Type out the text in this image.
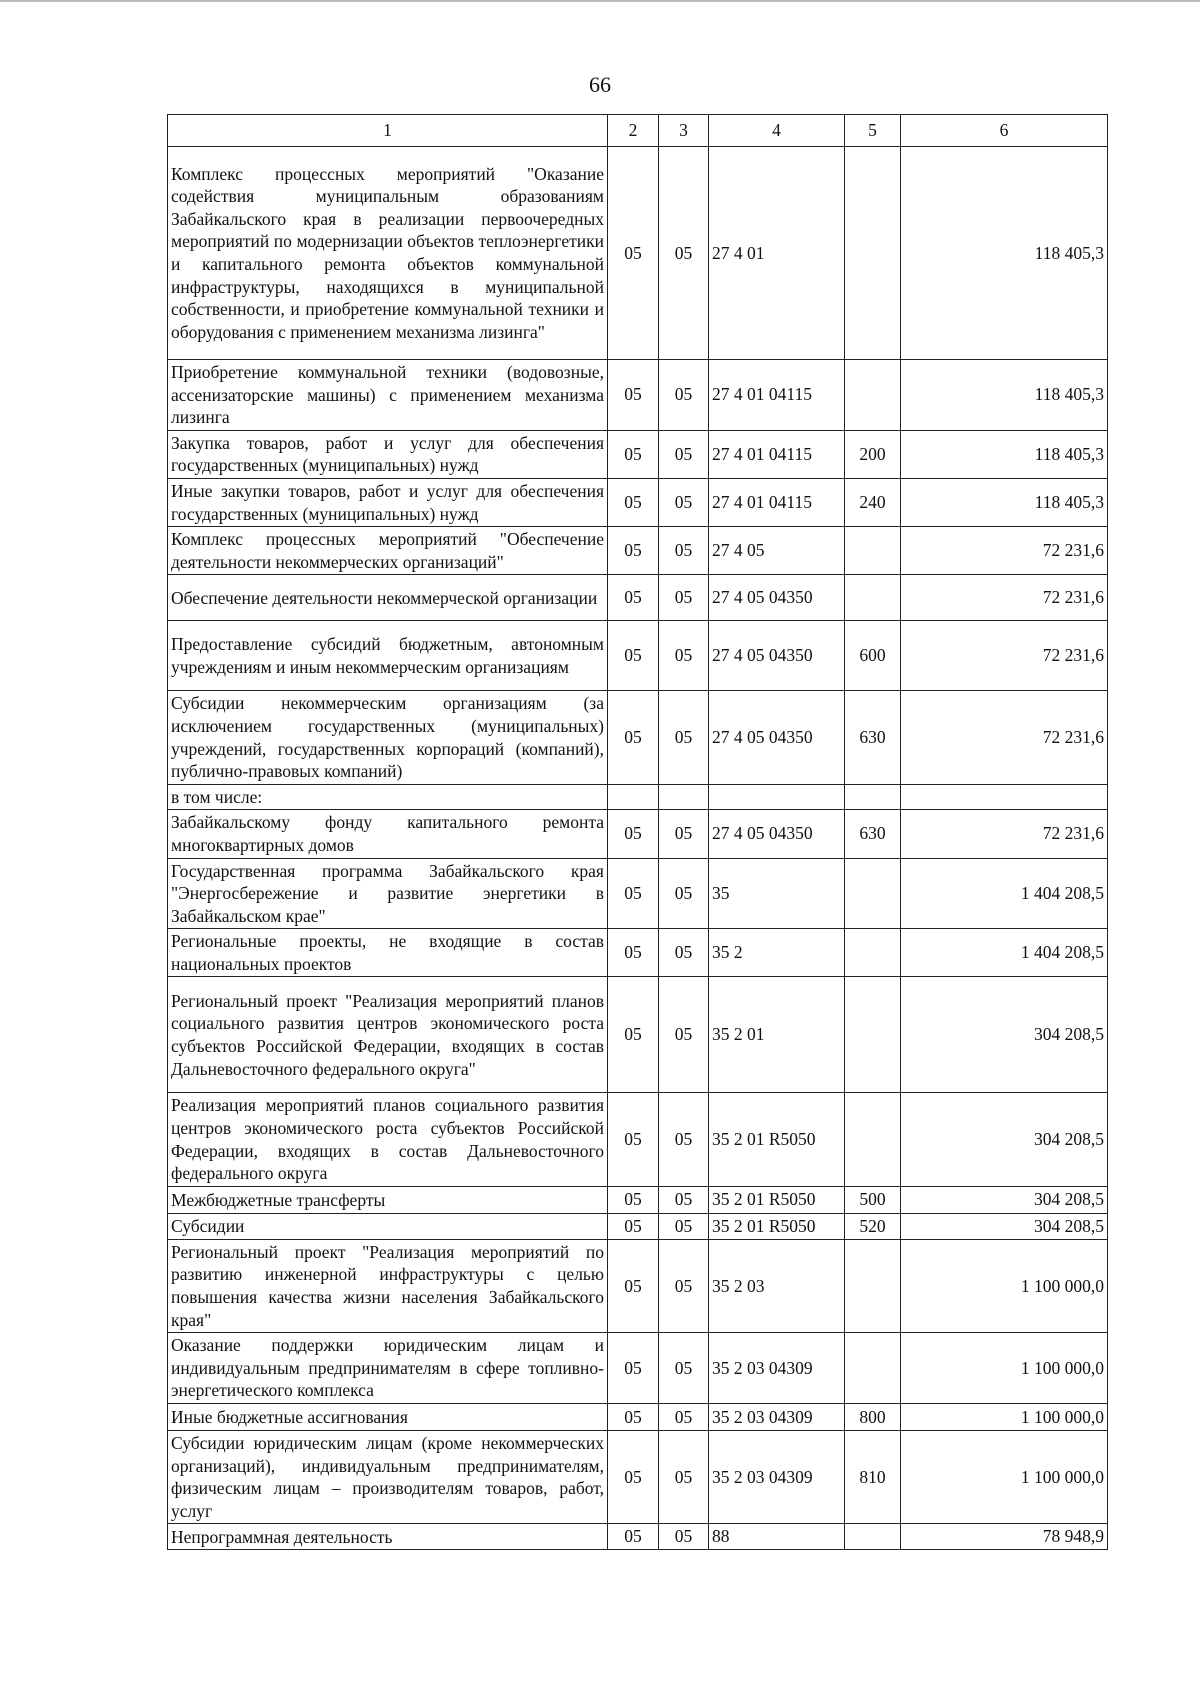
66
1	2	3	4	5	6
Комплекс процессных мероприятий "Оказание содействия муниципальным образованиям Забайкальского края в реализации первоочередных мероприятий по модернизации объектов теплоэнергетики и капитального ремонта объектов коммунальной инфраструктуры, находящихся в муниципальной собственности, и приобретение коммунальной техники и оборудования с применением механизма лизинга"	05	05	27 4 01		118 405,3
Приобретение коммунальной техники (водовозные, ассенизаторские машины) с применением механизма лизинга	05	05	27 4 01 04115		118 405,3
Закупка товаров, работ и услуг для обеспечения государственных (муниципальных) нужд	05	05	27 4 01 04115	200	118 405,3
Иные закупки товаров, работ и услуг для обеспечения государственных (муниципальных) нужд	05	05	27 4 01 04115	240	118 405,3
Комплекс процессных мероприятий "Обеспечение деятельности некоммерческих организаций"	05	05	27 4 05		72 231,6
Обеспечение деятельности некоммерческой организации	05	05	27 4 05 04350		72 231,6
Предоставление субсидий бюджетным, автономным учреждениям и иным некоммерческим организациям	05	05	27 4 05 04350	600	72 231,6
Субсидии некоммерческим организациям (за исключением государственных (муниципальных) учреждений, государственных корпораций (компаний), публично-правовых компаний)	05	05	27 4 05 04350	630	72 231,6
в том числе:					
Забайкальскому фонду капитального ремонта многоквартирных домов	05	05	27 4 05 04350	630	72 231,6
Государственная программа Забайкальского края "Энергосбережение и развитие энергетики в Забайкальском крае"	05	05	35		1 404 208,5
Региональные проекты, не входящие в состав национальных проектов	05	05	35 2		1 404 208,5
Региональный проект "Реализация мероприятий планов социального развития центров экономического роста субъектов Российской Федерации, входящих в состав Дальневосточного федерального округа"	05	05	35 2 01		304 208,5
Реализация мероприятий планов социального развития центров экономического роста субъектов Российской Федерации, входящих в состав Дальневосточного федерального округа	05	05	35 2 01 R5050		304 208,5
Межбюджетные трансферты	05	05	35 2 01 R5050	500	304 208,5
Субсидии	05	05	35 2 01 R5050	520	304 208,5
Региональный проект "Реализация мероприятий по развитию инженерной инфраструктуры с целью повышения качества жизни населения Забайкальского края"	05	05	35 2 03		1 100 000,0
Оказание поддержки юридическим лицам и индивидуальным предпринимателям в сфере топливно-энергетического комплекса	05	05	35 2 03 04309		1 100 000,0
Иные бюджетные ассигнования	05	05	35 2 03 04309	800	1 100 000,0
Субсидии юридическим лицам (кроме некоммерческих организаций), индивидуальным предпринимателям, физическим лицам – производителям товаров, работ, услуг	05	05	35 2 03 04309	810	1 100 000,0
Непрограммная деятельность	05	05	88		78 948,9
